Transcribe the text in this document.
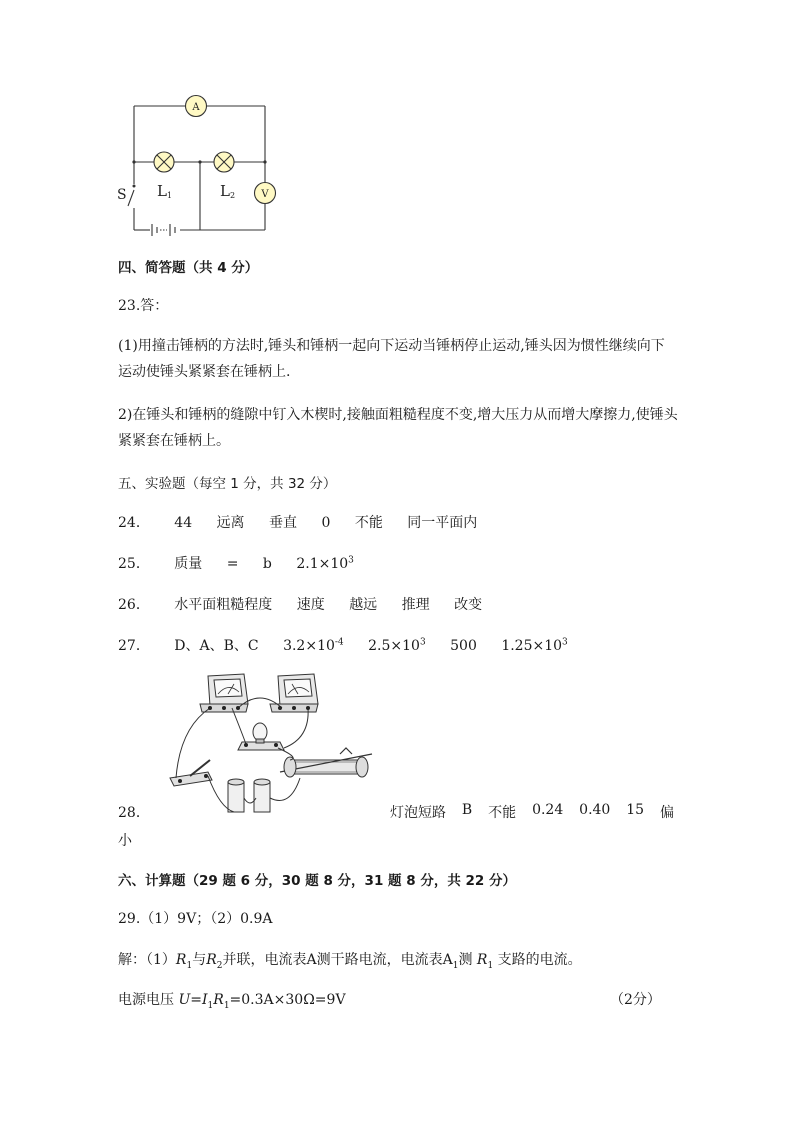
A
V
L1	L2
S
四、简答题（共 4 分）
23.答：
(1)用撞击锤柄的方法时,锤头和锤柄一起向下运动当锤柄停止运动,锤头因为惯性继续向下运动使锤头紧紧套在锤柄上.
2)在锤头和锤柄的缝隙中钉入木楔时,接触面粗糙程度不变,增大压力从而增大摩擦力,使锤头紧紧套在锤柄上。
五、实验题（每空 1 分，共 32 分）
24． 44 远离 垂直 0 不能 同一平面内
25． 质量 = b $2.1\times 10^3$
26． 水平面粗糙程度 速度 越远 推理 改变
27． D、A、B、C $3.2\times 10^{-4}$ $2.5\times 10^3$ 500 $1.25\times 10^3$
28．	灯泡短路 B 不能 0.24 0.40 15 偏
小
六、计算题（29 题 6 分，30 题 8 分，31 题 8 分，共 22 分）
29.（1）9V；（2）0.9A
解：$(1)R_1$与$R_2$并联，电流表A测干路电流，电流表$A_1$测 $R_1$ 支路的电流。
电源电压 $U=I_1R_1=0.3A\times 30\Omega=9V$	（2分）
